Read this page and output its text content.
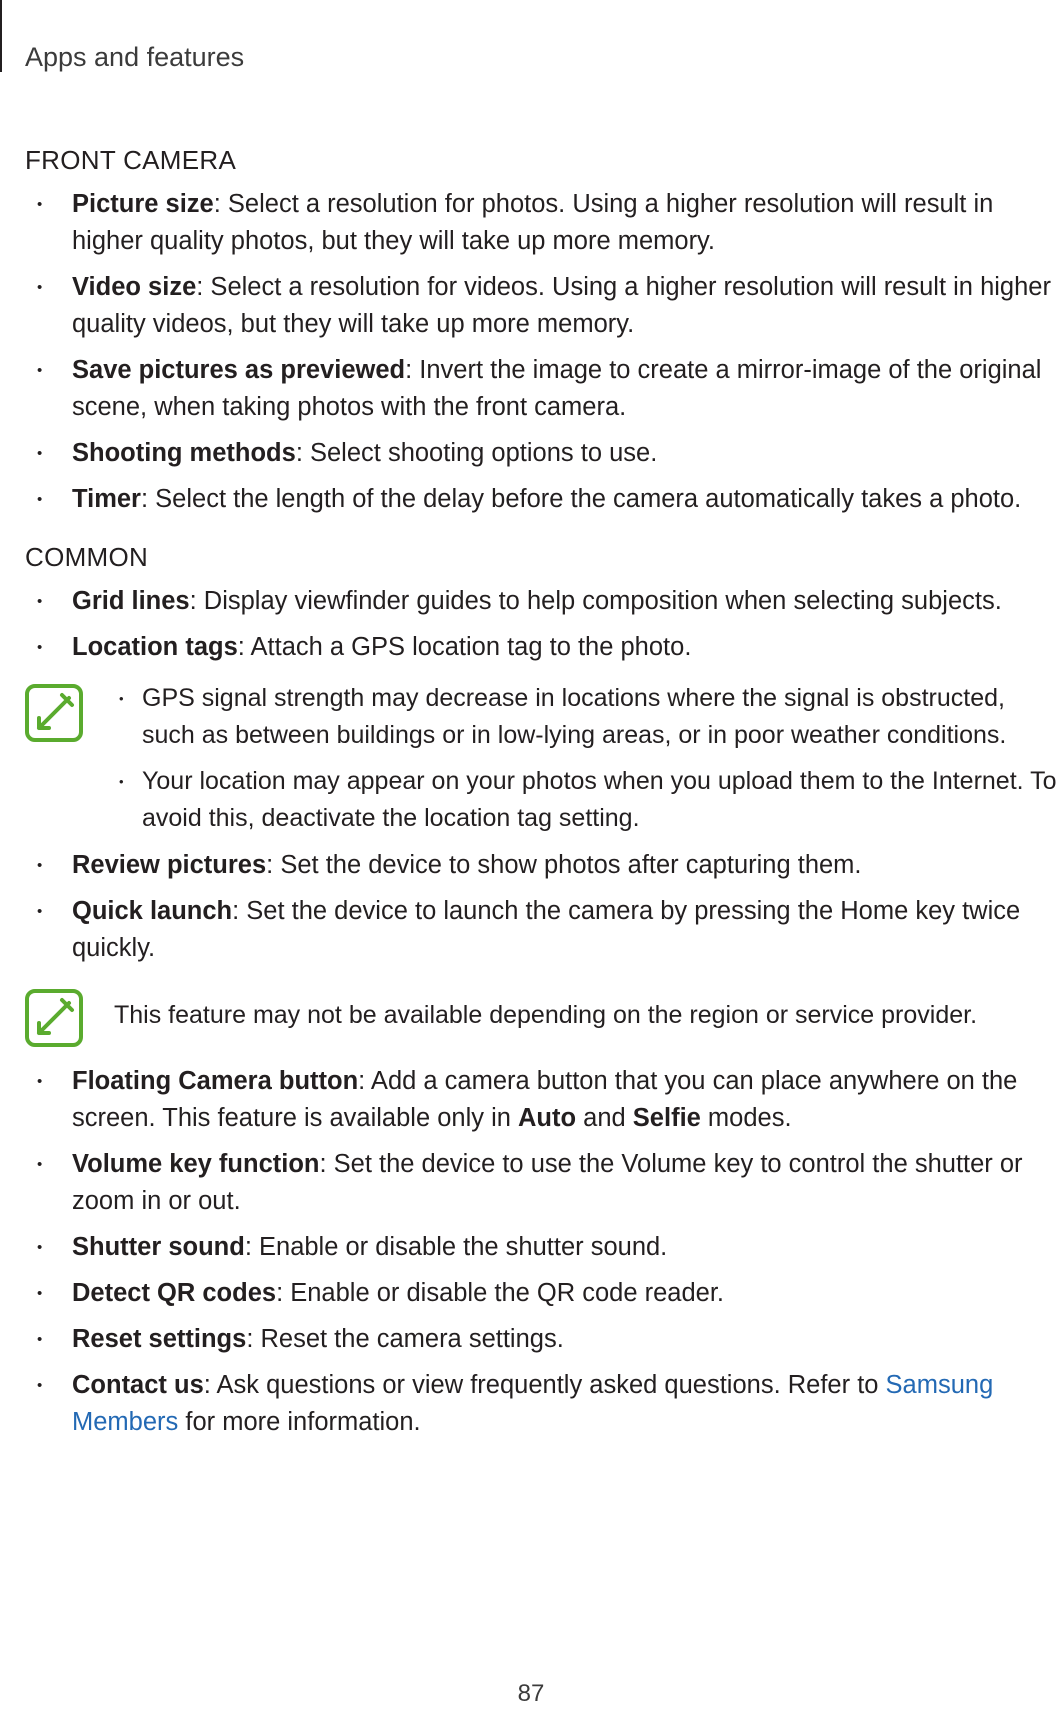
Apps and features
FRONT CAMERA
• Picture size: Select a resolution for photos. Using a higher resolution will result in higher quality photos, but they will take up more memory.
• Video size: Select a resolution for videos. Using a higher resolution will result in higher quality videos, but they will take up more memory.
• Save pictures as previewed: Invert the image to create a mirror-image of the original scene, when taking photos with the front camera.
• Shooting methods: Select shooting options to use.
• Timer: Select the length of the delay before the camera automatically takes a photo.
COMMON
• Grid lines: Display viewfinder guides to help composition when selecting subjects.
• Location tags: Attach a GPS location tag to the photo.
• GPS signal strength may decrease in locations where the signal is obstructed, such as between buildings or in low-lying areas, or in poor weather conditions.
• Your location may appear on your photos when you upload them to the Internet. To avoid this, deactivate the location tag setting.
• Review pictures: Set the device to show photos after capturing them.
• Quick launch: Set the device to launch the camera by pressing the Home key twice quickly.

This feature may not be available depending on the region or service provider.

• Floating Camera button: Add a camera button that you can place anywhere on the screen. This feature is available only in Auto and Selfie modes.
• Volume key function: Set the device to use the Volume key to control the shutter or zoom in or out.
• Shutter sound: Enable or disable the shutter sound.
• Detect QR codes: Enable or disable the QR code reader.
• Reset settings: Reset the camera settings.
• Contact us: Ask questions or view frequently asked questions. Refer to Samsung Members for more information.
87
